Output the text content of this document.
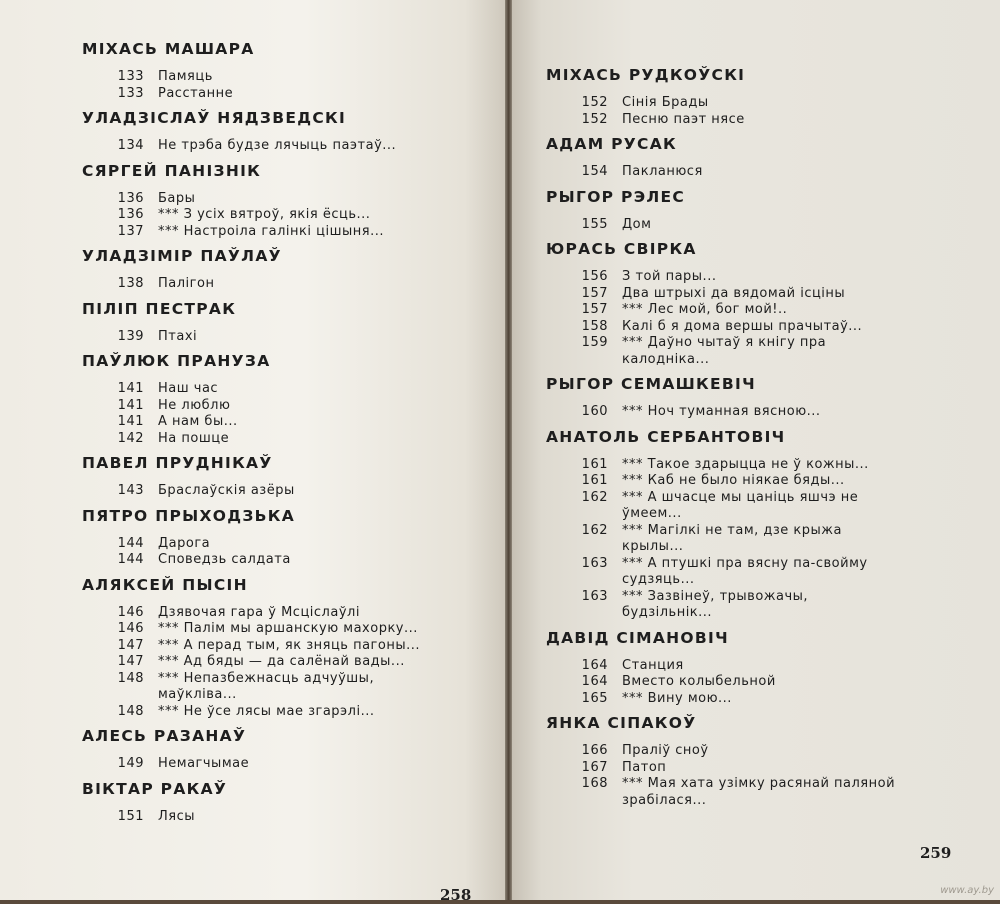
МІХАСЬ МАШАРА
133	Памяць
133	Расстанне
УЛАДЗІСЛАЎ НЯДЗВЕДСКІ
134	Не трэба будзе лячыць паэтаў...
СЯРГЕЙ ПАНІЗНІК
136	Бары
136	*** З усіх вятроў, якія ёсць...
137	*** Настроіла галінкі цішыня...
УЛАДЗІМІР ПАЎЛАЎ
138	Палігон
ПІЛІП ПЕСТРАК
139	Птахі
ПАЎЛЮК ПРАНУЗА
141	Наш час
141	Не люблю
141	А нам бы...
142	На пошце
ПАВЕЛ ПРУДНІКАЎ
143	Браслаўскія азёры
ПЯТРО ПРЫХОДЗЬКА
144	Дарога
144	Споведзь салдата
АЛЯКСЕЙ ПЫСІН
146	Дзявочая гара ў Мсціслаўлі
146	*** Палім мы аршанскую махорку...
147	*** А перад тым, як зняць пагоны...
147	*** Ад бяды — да салёнай вады...
148	*** Непазбежнасць адчуўшы, маўкліва...
148	*** Не ўсе лясы мае згарэлі...
АЛЕСЬ РАЗАНАЎ
149	Немагчымае
ВІКТАР РАКАЎ
151	Лясы
МІХАСЬ РУДКОЎСКІ
152	Сінія Брады
152	Песню паэт нясе
АДАМ РУСАК
154	Пакланюся
РЫГОР РЭЛЕС
155	Дом
ЮРАСЬ СВІРКА
156	З той пары...
157	Два штрыхі да вядомай ісціны
157	*** Лес мой, бог мой!..
158	Калі б я дома вершы прачытаў...
159	*** Даўно чытаў я кнігу пра калодніка...
РЫГОР СЕМАШКЕВІЧ
160	*** Ноч туманная вясною...
АНАТОЛЬ СЕРБАНТОВІЧ
161	*** Такое здарыцца не ў кожны...
161	*** Каб не было ніякае бяды...
162	*** А шчасце мы цаніць яшчэ не ўмеем...
162	*** Магілкі не там, дзе крыжа крылы...
163	*** А птушкі пра вясну па-свойму судзяць...
163	*** Зазвінеў, трывожачы, будзільнік...
ДАВІД СІМАНОВІЧ
164	Станция
164	Вместо колыбельной
165	*** Вину мою...
ЯНКА СІПАКОЎ
166	Праліў сноў
167	Патоп
168	*** Мая хата узімку расянай паляной зрабілася...
258
259
www.ay.by
